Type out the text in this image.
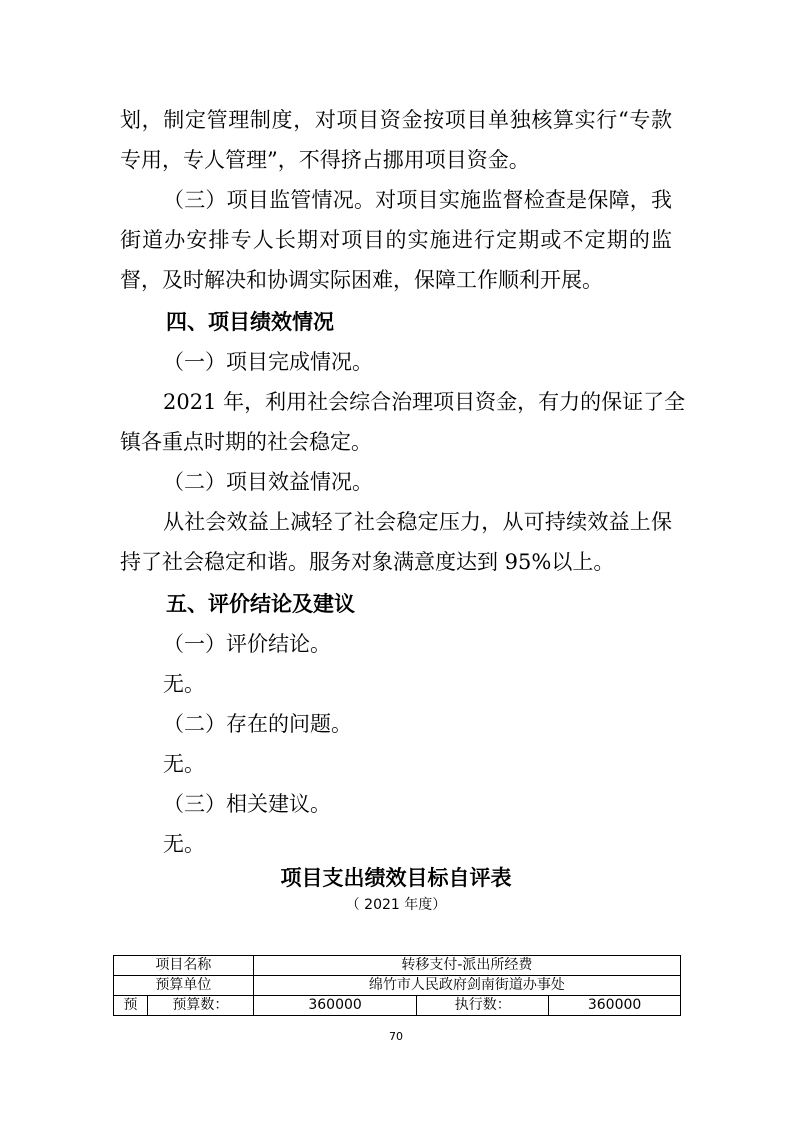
划，制定管理制度，对项目资金按项目单独核算实行“专款
专用，专人管理”，不得挤占挪用项目资金。
（三）项目监管情况。对项目实施监督检查是保障，我
街道办安排专人长期对项目的实施进行定期或不定期的监
督，及时解决和协调实际困难，保障工作顺利开展。
四、项目绩效情况
（一）项目完成情况。
2021 年，利用社会综合治理项目资金，有力的保证了全
镇各重点时期的社会稳定。
（二）项目效益情况。
从社会效益上减轻了社会稳定压力，从可持续效益上保
持了社会稳定和谐。服务对象满意度达到 95%以上。
五、评价结论及建议
（一）评价结论。
无。
（二）存在的问题。
无。
（三）相关建议。
无。
项目支出绩效目标自评表
（ 2021 年度）
项目名称		转移支付-派出所经费		
预算单位		绵竹市人民政府剑南街道办事处		
预	预算数：	360000	执行数：	360000
70
